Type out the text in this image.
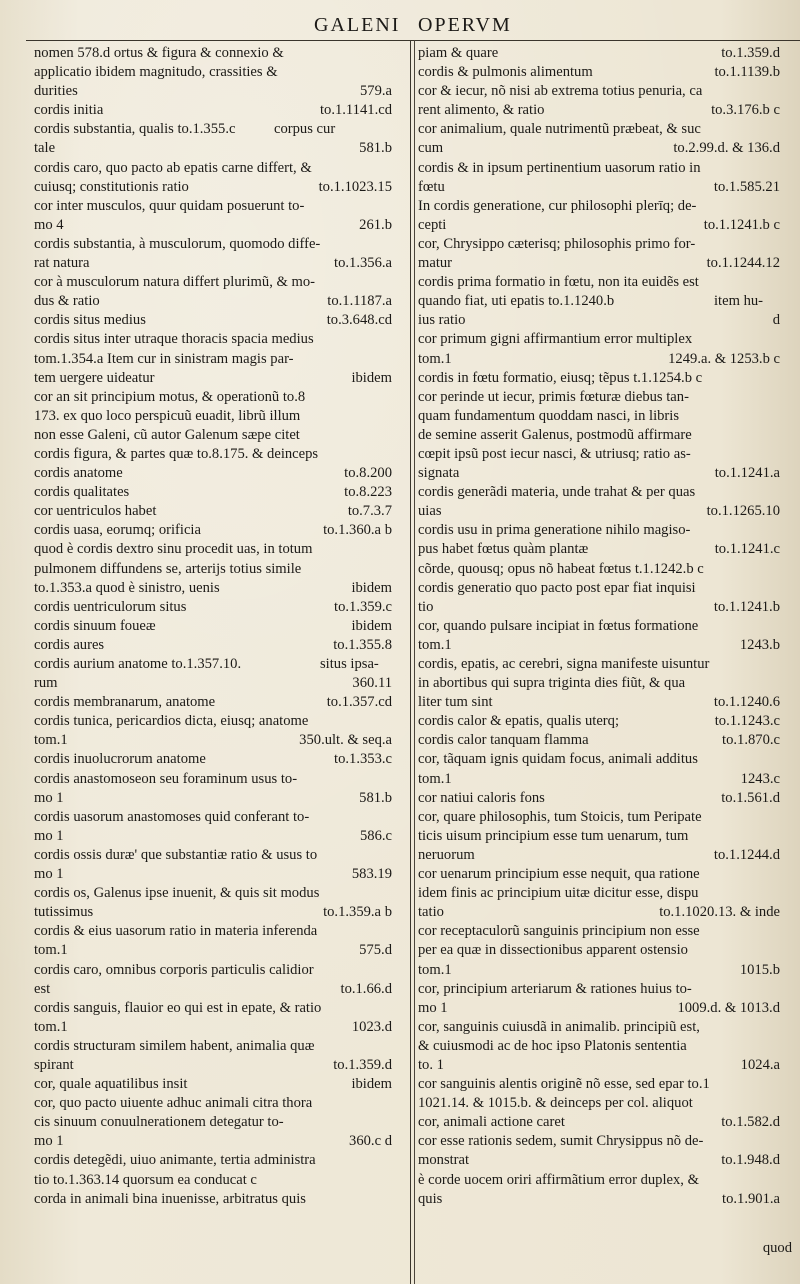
GALENI OPERVM
nomen 578.d ortus & figura & connexio &
applicatio ibidem magnitudo, crassities &
durities	579.a
cordis initia	to.1.1141.cd
cordis substantia, qualis to.1.355.c	corpus cur
tale	581.b
cordis caro, quo pacto ab epatis carne differt, &
cuiusq; constitutionis ratio	to.1.1023.15
cor inter musculos, quur quidam posuerunt to-
mo 4	261.b
cordis substantia, à musculorum, quomodo diffe-
rat natura	to.1.356.a
cor à musculorum natura differt plurimũ, & mo-
dus & ratio	to.1.1187.a
cordis situs medius	to.3.648.cd
cordis situs inter utraque thoracis spacia medius
tom.1.354.a Item cur in sinistram magis par-
tem uergere uideatur	ibidem
cor an sit principium motus, & operationũ to.8
173. ex quo loco perspicuũ euadit, librũ illum
non esse Galeni, cũ autor Galenum sæpe citet
cordis figura, & partes quæ to.8.175. & deinceps
cordis anatome	to.8.200
cordis qualitates	to.8.223
cor uentriculos habet	to.7.3.7
cordis uasa, eorumq; orificia	to.1.360.a b
quod è cordis dextro sinu procedit uas, in totum
pulmonem diffundens se, arterijs totius simile
to.1.353.a quod è sinistro, uenis	ibidem
cordis uentriculorum situs	to.1.359.c
cordis sinuum foueæ	ibidem
cordis aures	to.1.355.8
cordis aurium anatome to.1.357.10.	situs ipsa-
rum	360.11
cordis membranarum, anatome	to.1.357.cd
cordis tunica, pericardios dicta, eiusq; anatome
tom.1	350.ult. & seq.a
cordis inuolucrorum anatome	to.1.353.c
cordis anastomoseon seu foraminum usus to-
mo 1	581.b
cordis uasorum anastomoses quid conferant to-
mo 1	586.c
cordis ossis duræ' que substantiæ ratio & usus to
mo 1	583.19
cordis os, Galenus ipse inuenit, & quis sit modus
tutissimus	to.1.359.a b
cordis & eius uasorum ratio in materia inferenda
tom.1	575.d
cordis caro, omnibus corporis particulis calidior
est	to.1.66.d
cordis sanguis, flauior eo qui est in epate, & ratio
tom.1	1023.d
cordis structuram similem habent, animalia quæ
spirant	to.1.359.d
cor, quale aquatilibus insit	ibidem
cor, quo pacto uiuente adhuc animali citra thora
cis sinuum conuulnerationem detegatur to-
mo 1	360.c d
cordis detegẽdi, uiuo animante, tertia administra
tio to.1.363.14 quorsum ea conducat c
corda in animali bina inuenisse, arbitratus quis
piam & quare	to.1.359.d
cordis & pulmonis alimentum	to.1.1139.b
cor & iecur, nõ nisi ab extrema totius penuria, ca
rent alimento, & ratio	to.3.176.b c
cor animalium, quale nutrimentũ præbeat, & suc
cum	to.2.99.d. & 136.d
cordis & in ipsum pertinentium uasorum ratio in
fœtu	to.1.585.21
In cordis generatione, cur philosophi plerīq; de-
cepti	to.1.1241.b c
cor, Chrysippo cæterisq; philosophis primo for-
matur	to.1.1244.12
cordis prima formatio in fœtu, non ita euidẽs est
quando fiat, uti epatis to.1.1240.b	item hu-
ius ratio	d
cor primum gigni affirmantium error multiplex
tom.1	1249.a. & 1253.b c
cordis in fœtu formatio, eiusq; tẽpus t.1.1254.b c
cor perinde ut iecur, primis fœturæ diebus tan-
quam fundamentum quoddam nasci, in libris
de semine asserit Galenus, postmodũ affirmare
cœpit ipsũ post iecur nasci, & utriusq; ratio as-
signata	to.1.1241.a
cordis generãdi materia, unde trahat & per quas
uias	to.1.1265.10
cordis usu in prima generatione nihilo magiso-
pus habet fœtus quàm plantæ	to.1.1241.c
cõrde, quousq; opus nõ habeat fœtus t.1.1242.b c
cordis generatio quo pacto post epar fiat inquisi
tio	to.1.1241.b
cor, quando pulsare incipiat in fœtus formatione
tom.1	1243.b
cordis, epatis, ac cerebri, signa manifeste uisuntur
in abortibus qui supra triginta dies fiũt, & qua
liter tum sint	to.1.1240.6
cordis calor & epatis, qualis uterq;	to.1.1243.c
cordis calor tanquam flamma	to.1.870.c
cor, tãquam ignis quidam focus, animali additus
tom.1	1243.c
cor natiui caloris fons	to.1.561.d
cor, quare philosophis, tum Stoicis, tum Peripate
ticis uisum principium esse tum uenarum, tum
neruorum	to.1.1244.d
cor uenarum principium esse nequit, qua ratione
idem finis ac principium uitæ dicitur esse, dispu
tatio	to.1.1020.13. & inde
cor receptaculorũ sanguinis principium non esse
per ea quæ in dissectionibus apparent ostensio
tom.1	1015.b
cor, principium arteriarum & rationes huius to-
mo 1	1009.d. & 1013.d
cor, sanguinis cuiusdã in animalib. principiũ est,
& cuiusmodi ac de hoc ipso Platonis sententia
to. 1	1024.a
cor sanguinis alentis originẽ nõ esse, sed epar to.1
1021.14. & 1015.b. & deinceps per col. aliquot
cor, animali actione caret	to.1.582.d
cor esse rationis sedem, sumit Chrysippus nõ de-
monstrat	to.1.948.d
è corde uocem oriri affirmãtium error duplex, &
quis	to.1.901.a
quod
